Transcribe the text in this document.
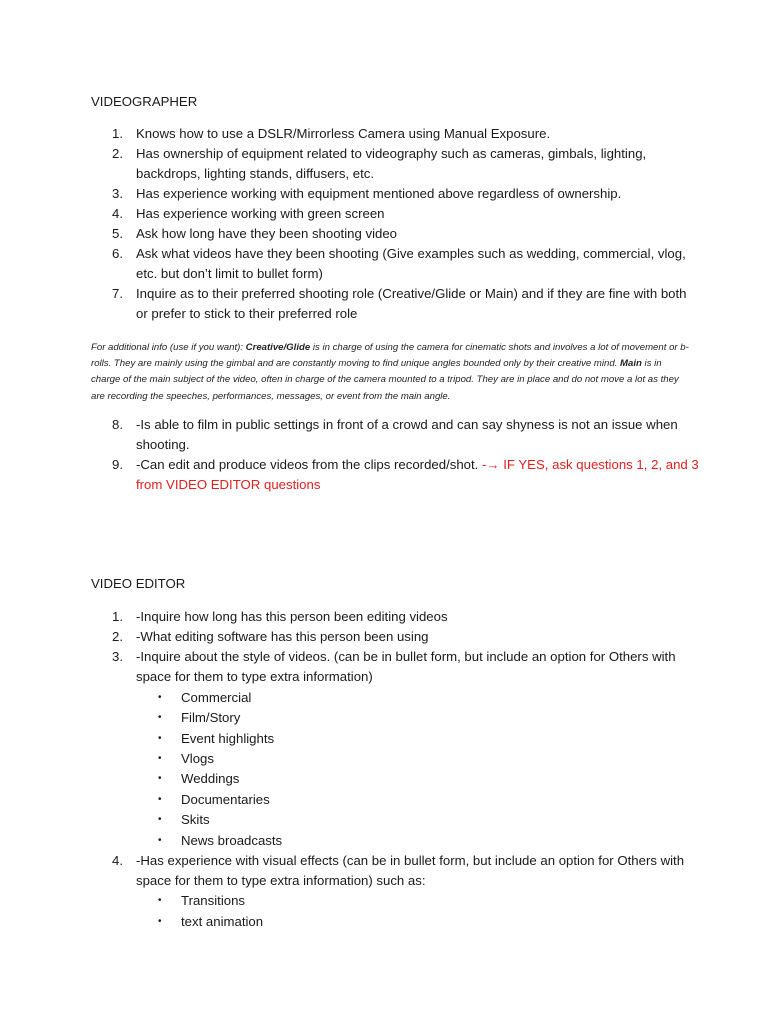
VIDEOGRAPHER
1. Knows how to use a DSLR/Mirrorless Camera using Manual Exposure.
2. Has ownership of equipment related to videography such as cameras, gimbals, lighting,
backdrops, lighting stands, diffusers, etc.
3. Has experience working with equipment mentioned above regardless of ownership.
4. Has experience working with green screen
5. Ask how long have they been shooting video
6. Ask what videos have they been shooting (Give examples such as wedding, commercial, vlog,
etc. but don’t limit to bullet form)
7. Inquire as to their preferred shooting role (Creative/Glide or Main) and if they are fine with both
or prefer to stick to their preferred role
For additional info (use if you want): Creative/Glide is in charge of using the camera for cinematic shots and involves a lot of movement or b-rolls. They are mainly using the gimbal and are constantly moving to find unique angles bounded only by their creative mind. Main is in charge of the main subject of the video, often in charge of the camera mounted to a tripod. They are in place and do not move a lot as they are recording the speeches, performances, messages, or event from the main angle.
8. -Is able to film in public settings in front of a crowd and can say shyness is not an issue when
shooting.
9. -Can edit and produce videos from the clips recorded/shot. -→ IF YES, ask questions 1, 2, and 3
from VIDEO EDITOR questions
VIDEO EDITOR
1. -Inquire how long has this person been editing videos
2. -What editing software has this person been using
3. -Inquire about the style of videos. (can be in bullet form, but include an option for Others with
space for them to type extra information)
• Commercial
• Film/Story
• Event highlights
• Vlogs
• Weddings
• Documentaries
• Skits
• News broadcasts
4. -Has experience with visual effects (can be in bullet form, but include an option for Others with
space for them to type extra information) such as:
• Transitions
• text animation
